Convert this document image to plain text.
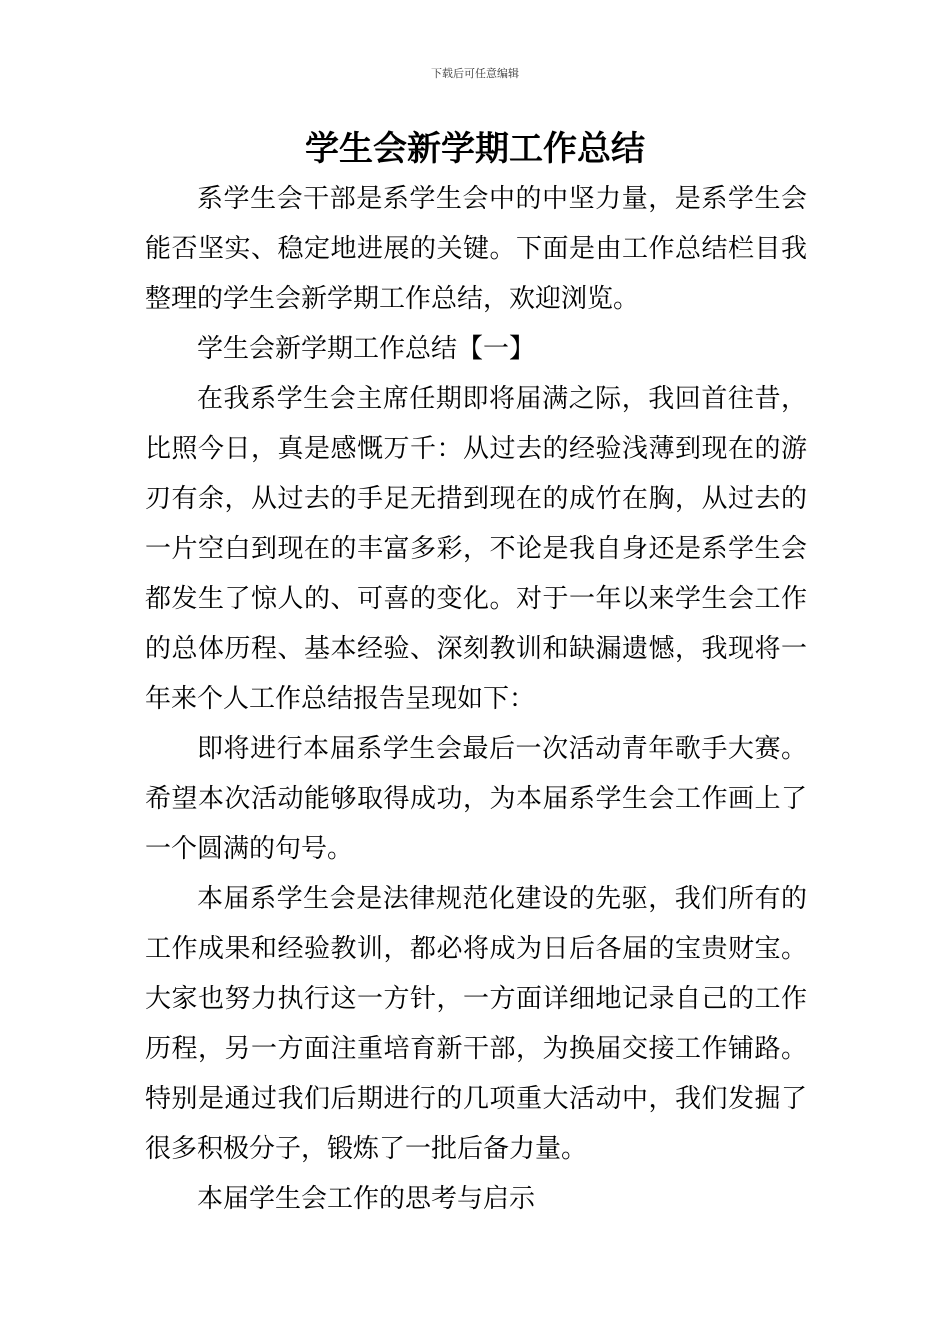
下载后可任意编辑
学生会新学期工作总结

系学生会干部是系学生会中的中坚力量，是系学生会能否坚实、稳定地进展的关键。下面是由工作总结栏目我整理的学生会新学期工作总结，欢迎浏览。

学生会新学期工作总结【一】

在我系学生会主席任期即将届满之际，我回首往昔，比照今日，真是感慨万千：从过去的经验浅薄到现在的游刃有余，从过去的手足无措到现在的成竹在胸，从过去的一片空白到现在的丰富多彩，不论是我自身还是系学生会都发生了惊人的、可喜的变化。对于一年以来学生会工作的总体历程、基本经验、深刻教训和缺漏遗憾，我现将一年来个人工作总结报告呈现如下：

即将进行本届系学生会最后一次活动青年歌手大赛。希望本次活动能够取得成功，为本届系学生会工作画上了一个圆满的句号。

本届系学生会是法律规范化建设的先驱，我们所有的工作成果和经验教训，都必将成为日后各届的宝贵财宝。大家也努力执行这一方针，一方面详细地记录自己的工作历程，另一方面注重培育新干部，为换届交接工作铺路。特别是通过我们后期进行的几项重大活动中，我们发掘了很多积极分子，锻炼了一批后备力量。

本届学生会工作的思考与启示
